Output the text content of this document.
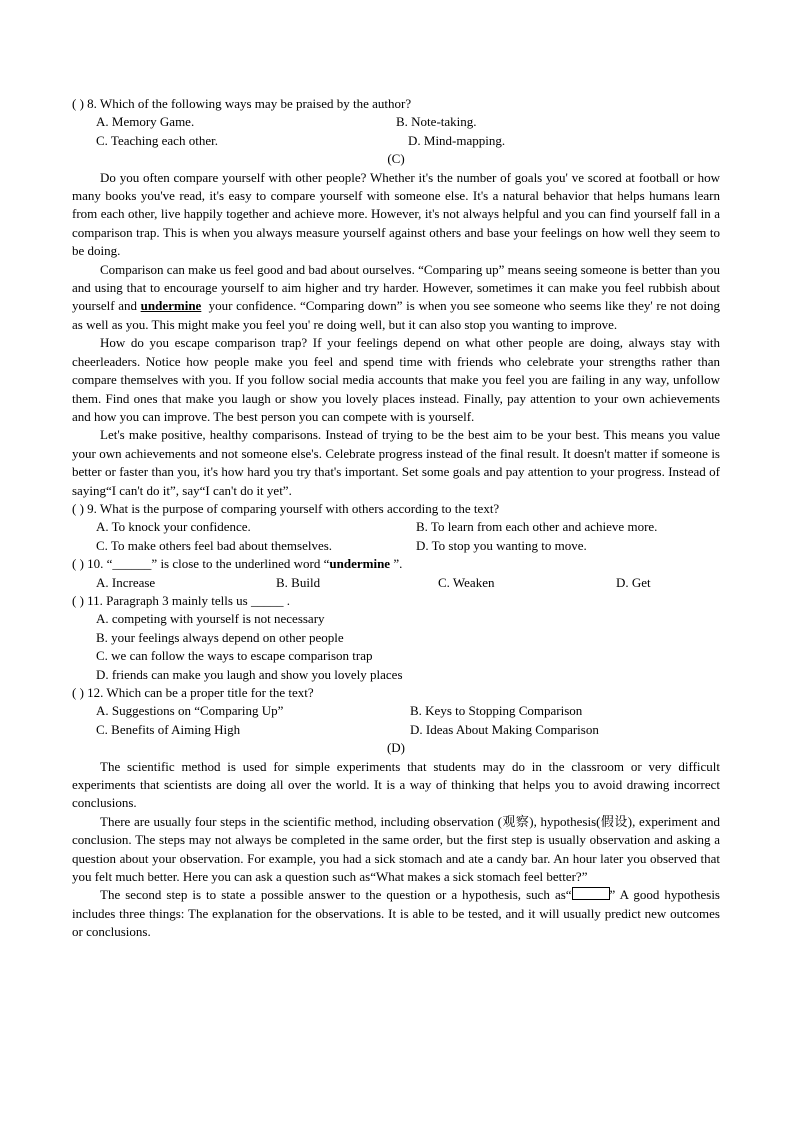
( ) 8. Which of the following ways may be praised by the author?
A. Memory Game.	B. Note-taking.
C. Teaching each other.	D. Mind-mapping.
(C)

Do you often compare yourself with other people? Whether it's the number of goals you' ve scored at football or how many books you've read, it's easy to compare yourself with someone else. It's a natural behavior that helps humans learn from each other, live happily together and achieve more. However, it's not always helpful and you can find yourself fall in a comparison trap. This is when you always measure yourself against others and base your feelings on how well they seem to be doing.

Comparison can make us feel good and bad about ourselves. “Comparing up” means seeing someone is better than you and using that to encourage yourself to aim higher and try harder. However, sometimes it can make you feel rubbish about yourself and undermine your confidence. “Comparing down” is when you see someone who seems like they' re not doing as well as you. This might make you feel you' re doing well, but it can also stop you wanting to improve.

How do you escape comparison trap? If your feelings depend on what other people are doing, always stay with cheerleaders. Notice how people make you feel and spend time with friends who celebrate your strengths rather than compare themselves with you. If you follow social media accounts that make you feel you are failing in any way, unfollow them. Find ones that make you laugh or show you lovely places instead. Finally, pay attention to your own achievements and how you can improve. The best person you can compete with is yourself.

Let's make positive, healthy comparisons. Instead of trying to be the best aim to be your best. This means you value your own achievements and not someone else's. Celebrate progress instead of the final result. It doesn't matter if someone is better or faster than you, it's how hard you try that's important. Set some goals and pay attention to your progress. Instead of saying“I can't do it”, say“I can't do it yet”.

( ) 9. What is the purpose of comparing yourself with others according to the text?
A. To knock your confidence.	B. To learn from each other and achieve more.
C. To make others feel bad about themselves.	D. To stop you wanting to move.
( ) 10. “______” is close to the underlined word “undermine ”.
A. Increase	B. Build	C. Weaken	D. Get
( ) 11. Paragraph 3 mainly tells us _____ .
A. competing with yourself is not necessary
B. your feelings always depend on other people
C. we can follow the ways to escape comparison trap
D. friends can make you laugh and show you lovely places
( ) 12. Which can be a proper title for the text?
A. Suggestions on “Comparing Up”	B. Keys to Stopping Comparison
C. Benefits of Aiming High	D. Ideas About Making Comparison
(D)

The scientific method is used for simple experiments that students may do in the classroom or very difficult experiments that scientists are doing all over the world. It is a way of thinking that helps you to avoid drawing incorrect conclusions.

There are usually four steps in the scientific method, including observation (观察), hypothesis(假设), experiment and conclusion. The steps may not always be completed in the same order, but the first step is usually observation and asking a question about your observation. For example, you had a sick stomach and ate a candy bar. An hour later you observed that you felt much better. Here you can ask a question such as“What makes a sick stomach feel better?”

The second step is to state a possible answer to the question or a hypothesis, such as“	” A good hypothesis includes three things: The explanation for the observations. It is able to be tested, and it will usually predict new outcomes or conclusions.
